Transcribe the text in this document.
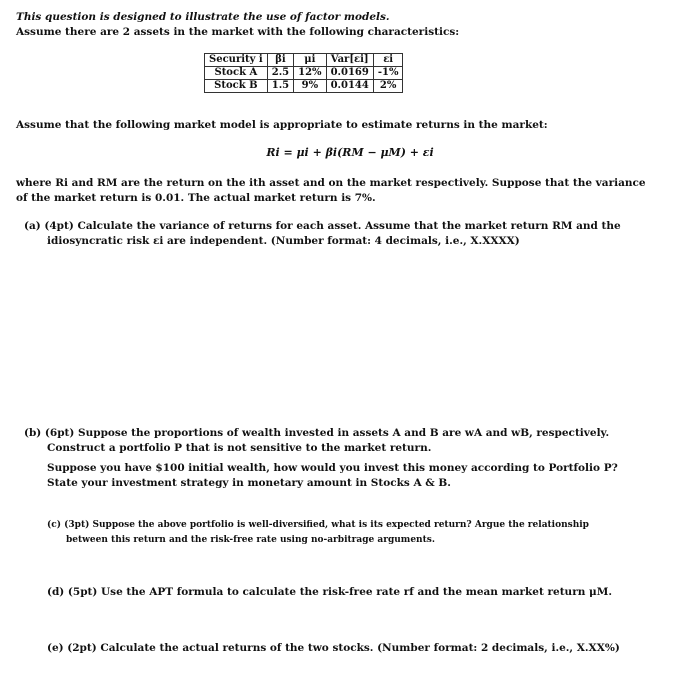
This question is designed to illustrate the use of factor models.
Assume there are 2 assets in the market with the following characteristics:
Security i	βi	μi	Var[εi]	εi
Stock A	2.5	12%	0.0169	-1%
Stock B	1.5	9%	0.0144	2%
Assume that the following market model is appropriate to estimate returns in the market:
Ri = μi + βi(RM − μM) + εi
where Ri and RM are the return on the ith asset and on the market respectively. Suppose that the variance
of the market return is 0.01. The actual market return is 7%.
(a) (4pt) Calculate the variance of returns for each asset. Assume that the market return RM and the
idiosyncratic risk εi are independent. (Number format: 4 decimals, i.e., X.XXXX)
(b) (6pt) Suppose the proportions of wealth invested in assets A and B are wA and wB, respectively.
Construct a portfolio P that is not sensitive to the market return.
Suppose you have $100 initial wealth, how would you invest this money according to Portfolio P?
State your investment strategy in monetary amount in Stocks A & B.
(c) (3pt) Suppose the above portfolio is well-diversified, what is its expected return? Argue the relationship
between this return and the risk-free rate using no-arbitrage arguments.
(d) (5pt) Use the APT formula to calculate the risk-free rate rf and the mean market return μM.
(e) (2pt) Calculate the actual returns of the two stocks. (Number format: 2 decimals, i.e., X.XX%)
